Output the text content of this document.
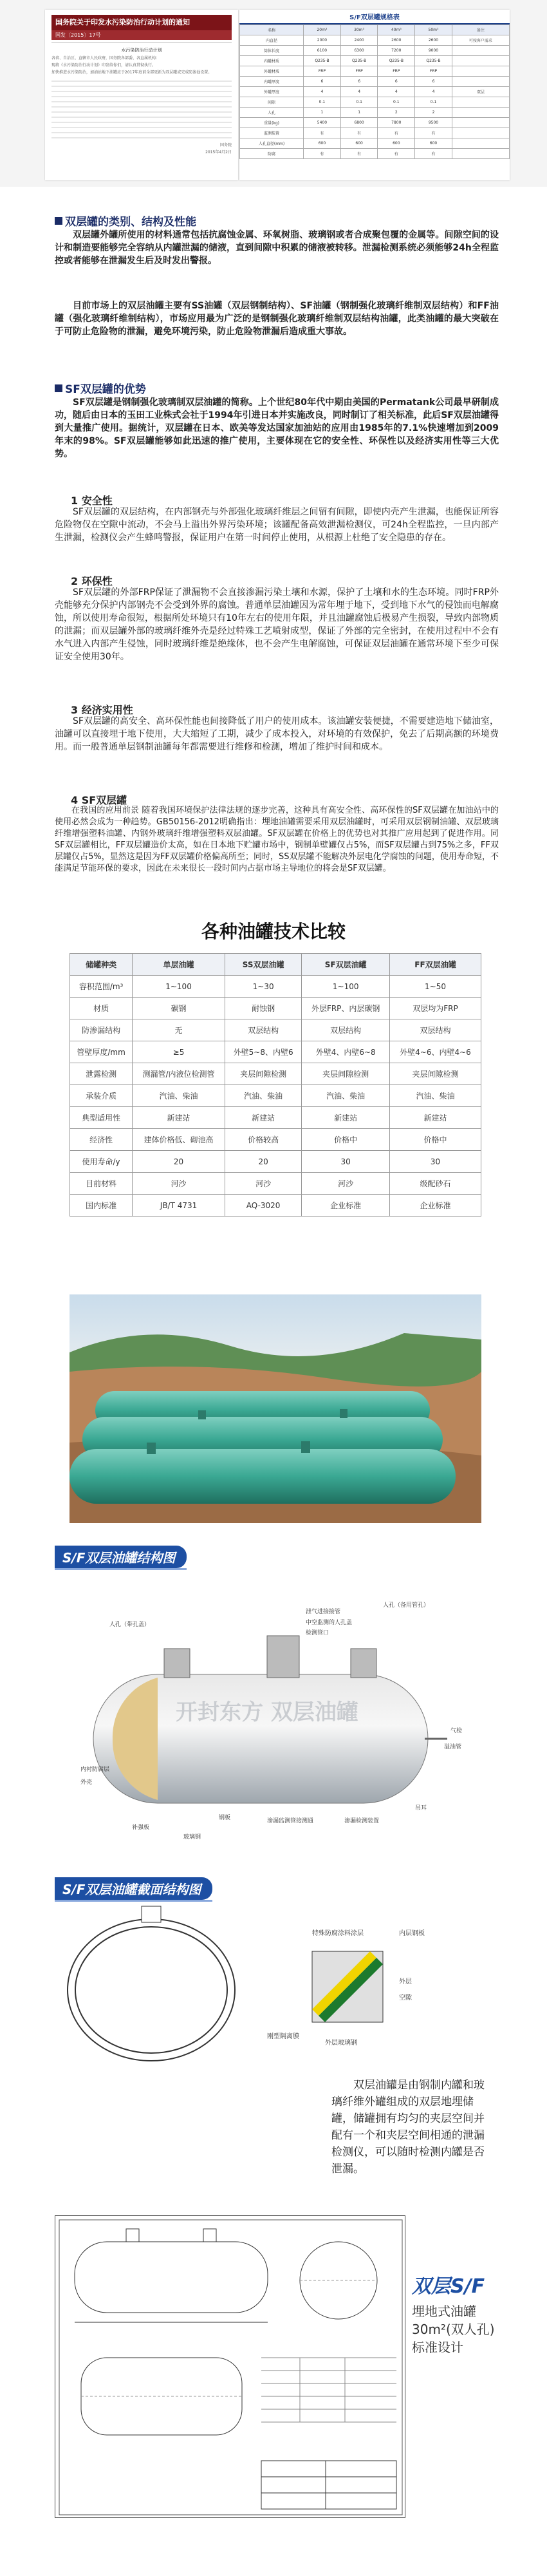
国务院关于印发水污染防治行动计划的通知
国发〔2015〕17号
水污染防治行动计划
各省、自治区、直辖市人民政府，国务院各部委、各直属机构：
现将《水污染防治行动计划》印发给你们，请认真贯彻执行。
加快推进水污染防治，加油站地下油罐应于2017年底前全部更新为双层罐或完成防渗池设置。
国务院
2015年4月2日
S/F双层罐规格表
名称	20m³	30m³	40m³	50m³	备注
内直径	2000	2400	2600	2600	可按客户需求
筒体长度	6100	6300	7200	9000	
内罐材质	Q235-B	Q235-B	Q235-B	Q235-B	
外罐材质	FRP	FRP	FRP	FRP	
内罐厚度	6	6	6	6	
外罐厚度	4	4	4	4	双层
间隙	0.1	0.1	0.1	0.1	
人孔	1	1	2	2	
重量(kg)	5400	6800	7800	9500	
监测装置	有	有	有	有	
人孔直径(mm)	600	600	600	600	
防腐	有	有	有	有	
双层罐的类别、结构及性能
双层罐外罐所使用的材料通常包括抗腐蚀金属、环氧树脂、玻璃钢或者合成聚包覆的金属等。间隙空间的设计和制造要能够完全容纳从内罐泄漏的储液，直到间隙中积累的储液被转移。泄漏检测系统必须能够24h全程监控或者能够在泄漏发生后及时发出警报。
目前市场上的双层油罐主要有SS油罐（双层钢制结构）、SF油罐（钢制强化玻璃纤维制双层结构）和FF油罐（强化玻璃纤维制结构），市场应用最为广泛的是钢制强化玻璃纤维制双层结构油罐，此类油罐的最大突破在于可防止危险物的泄漏，避免环境污染，防止危险物泄漏后造成重大事故。
SF双层罐的优势
SF双层罐是钢制强化玻璃制双层油罐的简称。上个世纪80年代中期由美国的Permatank公司最早研制成功，随后由日本的玉田工业株式会社于1994年引进日本并实施改良，同时制订了相关标准，此后SF双层油罐得到大量推广使用。据统计，双层罐在日本、欧美等发达国家加油站的应用由1985年的7.1%快速增加到2009年末的98%。SF双层罐能够如此迅速的推广使用，主要体现在它的安全性、环保性以及经济实用性等三大优势。
1 安全性
SF双层罐的双层结构，在内部钢壳与外部强化玻璃纤维层之间留有间隙，即使内壳产生泄漏，也能保证所容危险物仅在空隙中流动，不会马上溢出外界污染环境；该罐配备高效泄漏检测仪，可24h全程监控，一旦内部产生泄漏，检测仪会产生蜂鸣警报，保证用户在第一时间停止使用，从根源上杜绝了安全隐患的存在。
2 环保性
SF双层罐的外部FRP保证了泄漏物不会直接渗漏污染土壤和水源，保护了土壤和水的生态环境。同时FRP外壳能够充分保护内部钢壳不会受到外界的腐蚀。普通单层油罐因为常年埋于地下，受到地下水气的侵蚀而电解腐蚀，所以使用寿命很短，根据所处环境只有10年左右的使用年限，并且油罐腐蚀后极易产生损裂，导致内部物质的泄漏；而双层罐外部的玻璃纤维外壳是经过特殊工艺喷射成型，保证了外部的完全密封，在使用过程中不会有水气进入内部产生侵蚀，同时玻璃纤维是绝缘体，也不会产生电解腐蚀，可保证双层油罐在通常环境下至少可保证安全使用30年。
3 经济实用性
SF双层罐的高安全、高环保性能也间接降低了用户的使用成本。该油罐安装便捷，不需要建造地下储油室，油罐可以直接埋于地下使用，大大缩短了工期，减少了成本投入，对环境的有效保护，免去了后期高额的环境费用。而一般普通单层钢制油罐每年都需要进行维修和检测，增加了维护时间和成本。
4 SF双层罐
在我国的应用前景 随着我国环境保护法律法规的逐步完善，这种具有高安全性、高环保性的SF双层罐在加油站中的使用必然会成为一种趋势。GB50156-2012明确指出：埋地油罐需要采用双层油罐时，可采用双层钢制油罐、双层玻璃纤维增强塑料油罐、内钢外玻璃纤维增强塑料双层油罐。SF双层罐在价格上的优势也对其推广应用起到了促进作用。同SF双层罐相比，FF双层罐造价太高，如在日本地下贮罐市场中，钢制单壁罐仅占5%，而SF双层罐占到75%之多，FF双层罐仅占5%，显然这是因为FF双层罐价格偏高所至；同时，SS双层罐不能解决外层电化学腐蚀的问题，使用寿命短，不能满足节能环保的要求，因此在未来很长一段时间内占据市场主导地位的将会是SF双层罐。
各种油罐技术比较
储罐种类	单层油罐	SS双层油罐	SF双层油罐	FF双层油罐
容积范围/m³	1~100	1~30	1~100	1~50
材质	碳钢	耐蚀钢	外层FRP、内层碳钢	双层均为FRP
防渗漏结构	无	双层结构	双层结构	双层结构
管壁厚度/mm	≥5	外壁5~8、内壁6	外壁4、内壁6~8	外壁4~6、内壁4~6
泄露检测	测漏管/内液位检测管	夹层间隙检测	夹层间隙检测	夹层间隙检测
承装介质	汽油、柴油	汽油、柴油	汽油、柴油	汽油、柴油
典型适用性	新建站	新建站	新建站	新建站
经济性	建体价格低、砌池高	价格较高	价格中	价格中
使用寿命/y	20	20	30	30
目前材料	河沙	河沙	河沙	级配砂石
国内标准	JB/T 4731	AQ-3020	企业标准	企业标准
S/F双层油罐结构图
开封东方 双层油罐
人孔（带孔盖）
人孔（备用管孔）
泄气进接接管
中空监测的人孔盖
检测管口
气检
溢油管
钢板
补强板
玻璃钢
渗漏监测管接测通	渗漏检测装置
吊耳
内衬防腐层
外壳
S/F双层油罐截面结构图
特殊防腐涂料涂层	内层钢板
刚型隔离膜
外层
空隙
外层玻璃钢
双层油罐是由钢制内罐和玻璃纤维外罐组成的双层地埋储罐，储罐拥有均匀的夹层空间并配有一个和夹层空间相通的泄漏检测仪，可以随时检测内罐是否泄漏。
双层S/F
埋地式油罐30m²(双人孔)标准设计
